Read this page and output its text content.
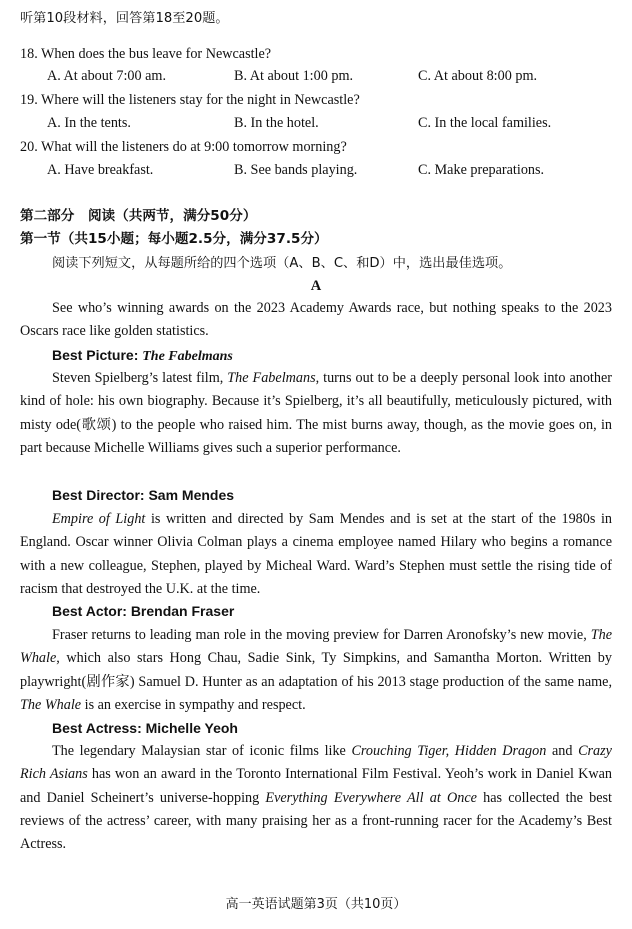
听第10段材料，回答第18至20题。
18. When does the bus leave for Newcastle?
A. At about 7:00 am.	B. At about 1:00 pm.	C. At about 8:00 pm.
19. Where will the listeners stay for the night in Newcastle?
A. In the tents.	B. In the hotel.	C. In the local families.
20. What will the listeners do at 9:00 tomorrow morning?
A. Have breakfast.	B. See bands playing.	C. Make preparations.
第二部分　阅读（共两节，满分50分）
第一节（共15小题；每小题2.5分，满分37.5分）
阅读下列短文，从每题所给的四个选项（A、B、C、和D）中，选出最佳选项。
A

See who’s winning awards on the 2023 Academy Awards race, but nothing speaks to the 2023 Oscars race like golden statistics.

Best Picture: The Fabelmans

Steven Spielberg’s latest film, The Fabelmans, turns out to be a deeply personal look into another kind of hole: his own biography. Because it’s Spielberg, it’s all beautifully, meticulously pictured, with misty ode(歌颂) to the people who raised him. The mist burns away, though, as the movie goes on, in part because Michelle Williams gives such a superior performance.

Best Director: Sam Mendes

Empire of Light is written and directed by Sam Mendes and is set at the start of the 1980s in England. Oscar winner Olivia Colman plays a cinema employee named Hilary who begins a romance with a new colleague, Stephen, played by Micheal Ward. Ward’s Stephen must settle the rising tide of racism that destroyed the U.K. at the time.

Best Actor: Brendan Fraser

Fraser returns to leading man role in the moving preview for Darren Aronofsky’s new movie, The Whale, which also stars Hong Chau, Sadie Sink, Ty Simpkins, and Samantha Morton. Written by playwright(剧作家) Samuel D. Hunter as an adaptation of his 2013 stage production of the same name, The Whale is an exercise in sympathy and respect.

Best Actress: Michelle Yeoh

The legendary Malaysian star of iconic films like Crouching Tiger, Hidden Dragon and Crazy Rich Asians has won an award in the Toronto International Film Festival. Yeoh’s work in Daniel Kwan and Daniel Scheinert’s universe-hopping Everything Everywhere All at Once has collected the best reviews of the actress’ career, with many praising her as a front-running racer for the Academy’s Best Actress.

高一英语试题第3页（共10页）
